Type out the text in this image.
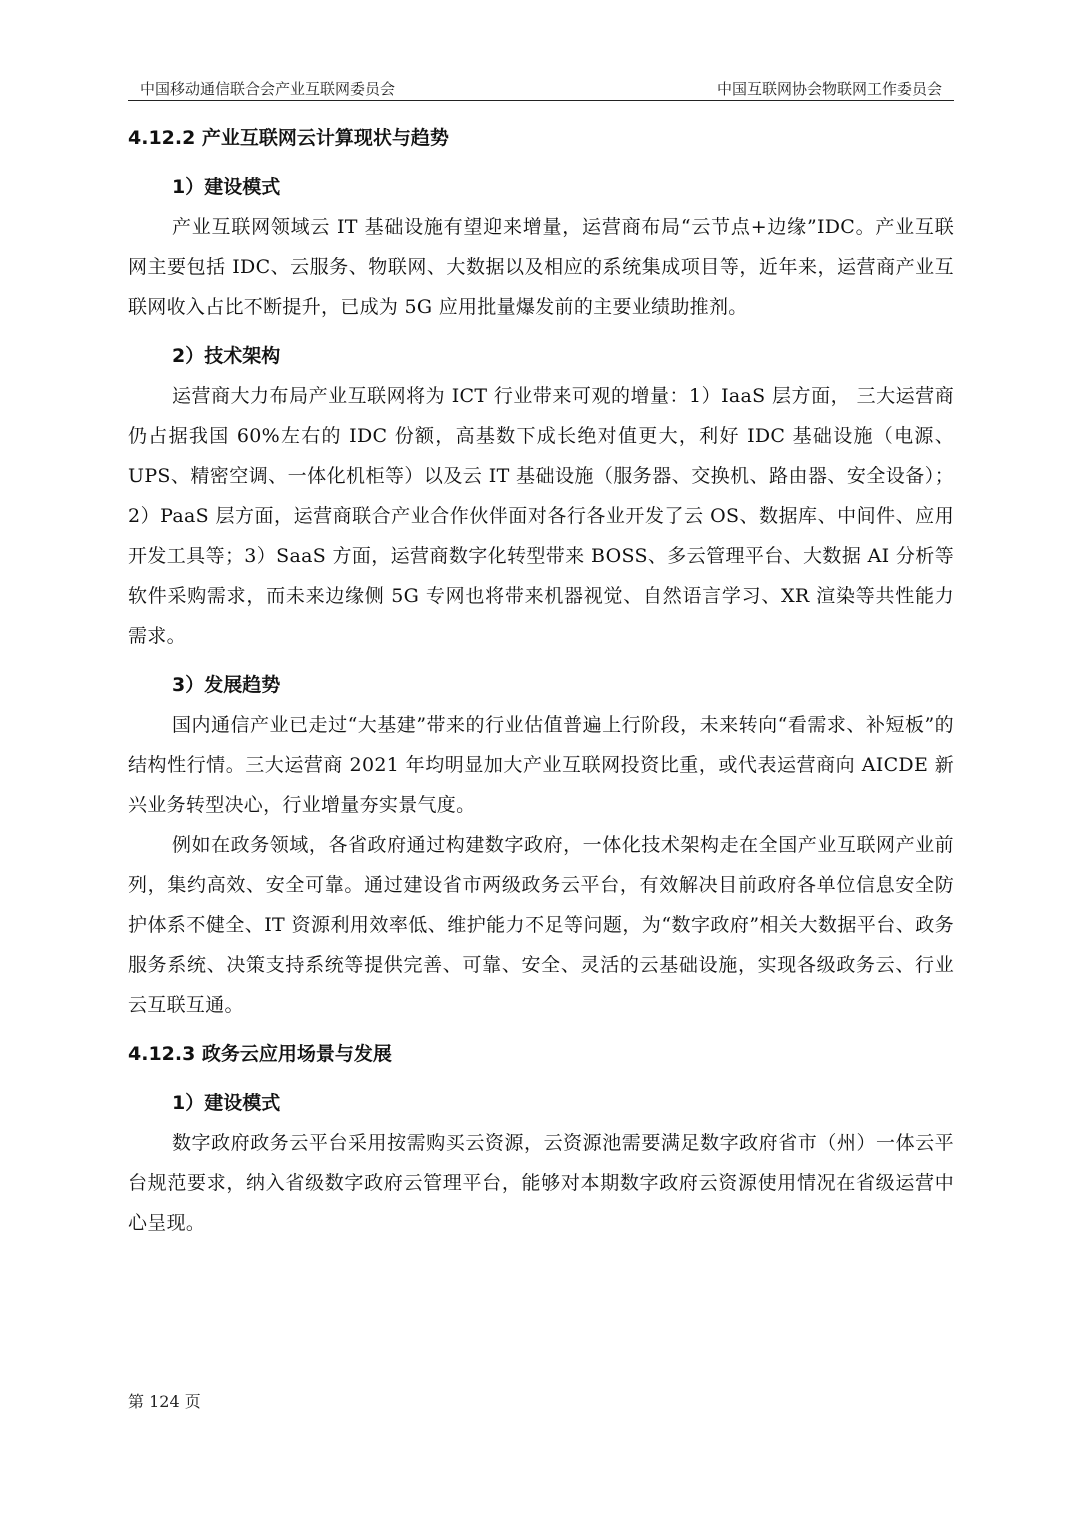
中国移动通信联合会产业互联网委员会	中国互联网协会物联网工作委员会
4.12.2 产业互联网云计算现状与趋势
1）建设模式

产业互联网领域云 IT 基础设施有望迎来增量，运营商布局“云节点+边缘”IDC。产业互联网主要包括 IDC、云服务、物联网、大数据以及相应的系统集成项目等，近年来，运营商产业互联网收入占比不断提升，已成为 5G 应用批量爆发前的主要业绩助推剂。

2）技术架构

运营商大力布局产业互联网将为 ICT 行业带来可观的增量：1）IaaS 层方面， 三大运营商仍占据我国 60%左右的 IDC 份额，高基数下成长绝对值更大，利好 IDC 基础设施（电源、UPS、精密空调、一体化机柜等）以及云 IT 基础设施（服务器、交换机、路由器、安全设备）；2）PaaS 层方面，运营商联合产业合作伙伴面对各行各业开发了云 OS、数据库、中间件、应用开发工具等；3）SaaS 方面，运营商数字化转型带来 BOSS、多云管理平台、大数据 AI 分析等软件采购需求，而未来边缘侧 5G 专网也将带来机器视觉、自然语言学习、XR 渲染等共性能力需求。

3）发展趋势

国内通信产业已走过“大基建”带来的行业估值普遍上行阶段，未来转向“看需求、补短板”的结构性行情。三大运营商 2021 年均明显加大产业互联网投资比重，或代表运营商向 AICDE 新兴业务转型决心，行业增量夯实景气度。

例如在政务领域，各省政府通过构建数字政府，一体化技术架构走在全国产业互联网产业前列，集约高效、安全可靠。通过建设省市两级政务云平台，有效解决目前政府各单位信息安全防护体系不健全、IT 资源利用效率低、维护能力不足等问题，为“数字政府”相关大数据平台、政务服务系统、决策支持系统等提供完善、可靠、安全、灵活的云基础设施，实现各级政务云、行业云互联互通。

4.12.3 政务云应用场景与发展
1）建设模式

数字政府政务云平台采用按需购买云资源，云资源池需要满足数字政府省市（州）一体云平台规范要求，纳入省级数字政府云管理平台，能够对本期数字政府云资源使用情况在省级运营中心呈现。

第 124 页
